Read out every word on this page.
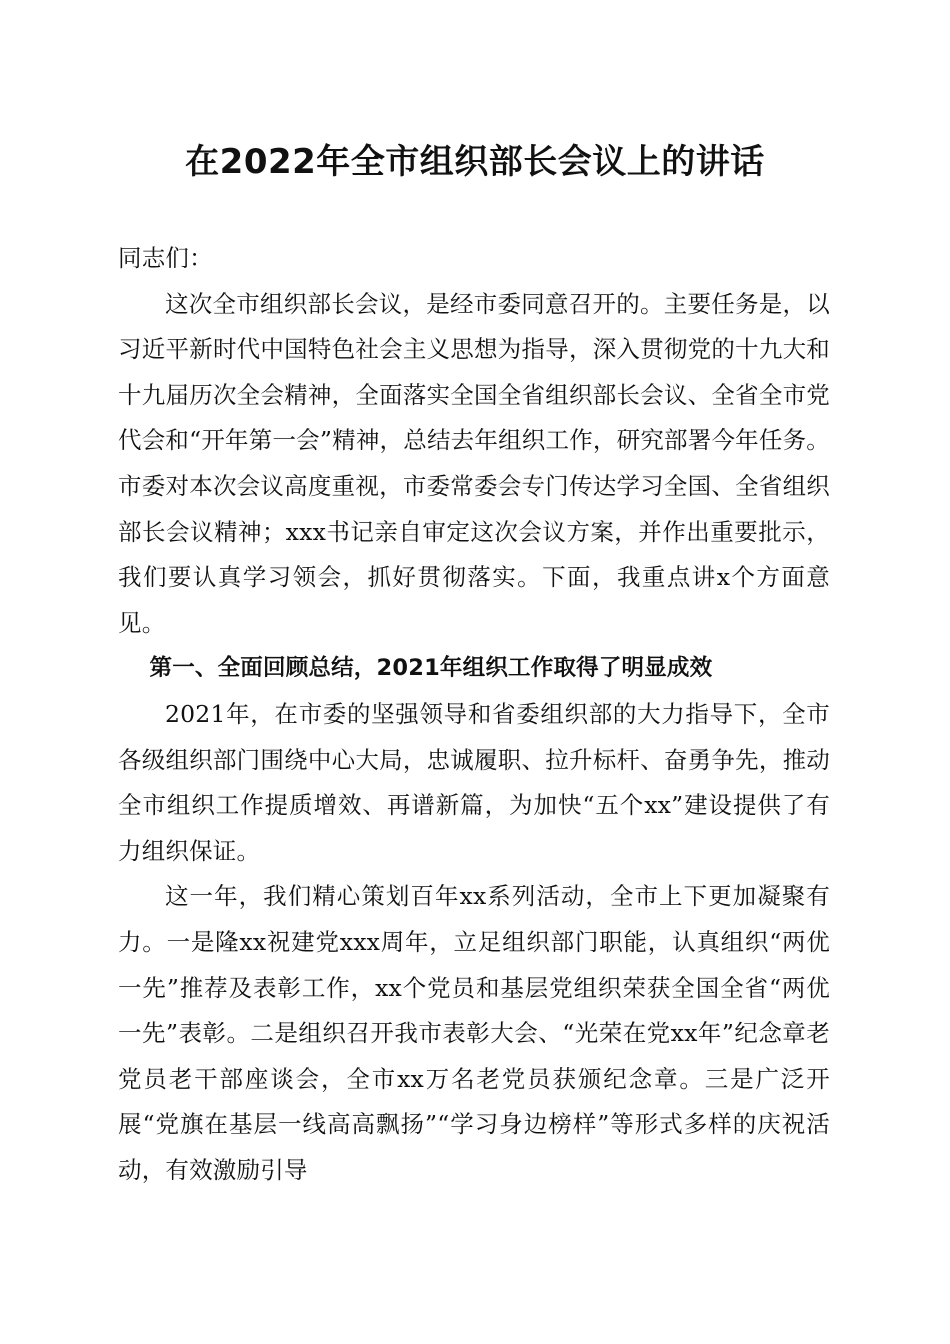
在2022年全市组织部长会议上的讲话

同志们：

这次全市组织部长会议，是经市委同意召开的。主要任务是，以习近平新时代中国特色社会主义思想为指导，深入贯彻党的十九大和十九届历次全会精神，全面落实全国全省组织部长会议、全省全市党代会和“开年第一会”精神，总结去年组织工作，研究部署今年任务。市委对本次会议高度重视，市委常委会专门传达学习全国、全省组织部长会议精神；xxx书记亲自审定这次会议方案，并作出重要批示，我们要认真学习领会，抓好贯彻落实。下面，我重点讲x个方面意见。

第一、全面回顾总结，2021年组织工作取得了明显成效

2021年，在市委的坚强领导和省委组织部的大力指导下，全市各级组织部门围绕中心大局，忠诚履职、拉升标杆、奋勇争先，推动全市组织工作提质增效、再谱新篇，为加快“五个xx”建设提供了有力组织保证。

这一年，我们精心策划百年xx系列活动，全市上下更加凝聚有力。一是隆xx祝建党xxx周年，立足组织部门职能，认真组织“两优一先”推荐及表彰工作，xx个党员和基层党组织荣获全国全省“两优一先”表彰。二是组织召开我市表彰大会、“光荣在党xx年”纪念章老党员老干部座谈会，全市xx万名老党员获颁纪念章。三是广泛开展“党旗在基层一线高高飘扬”“学习身边榜样”等形式多样的庆祝活动，有效激励引导
